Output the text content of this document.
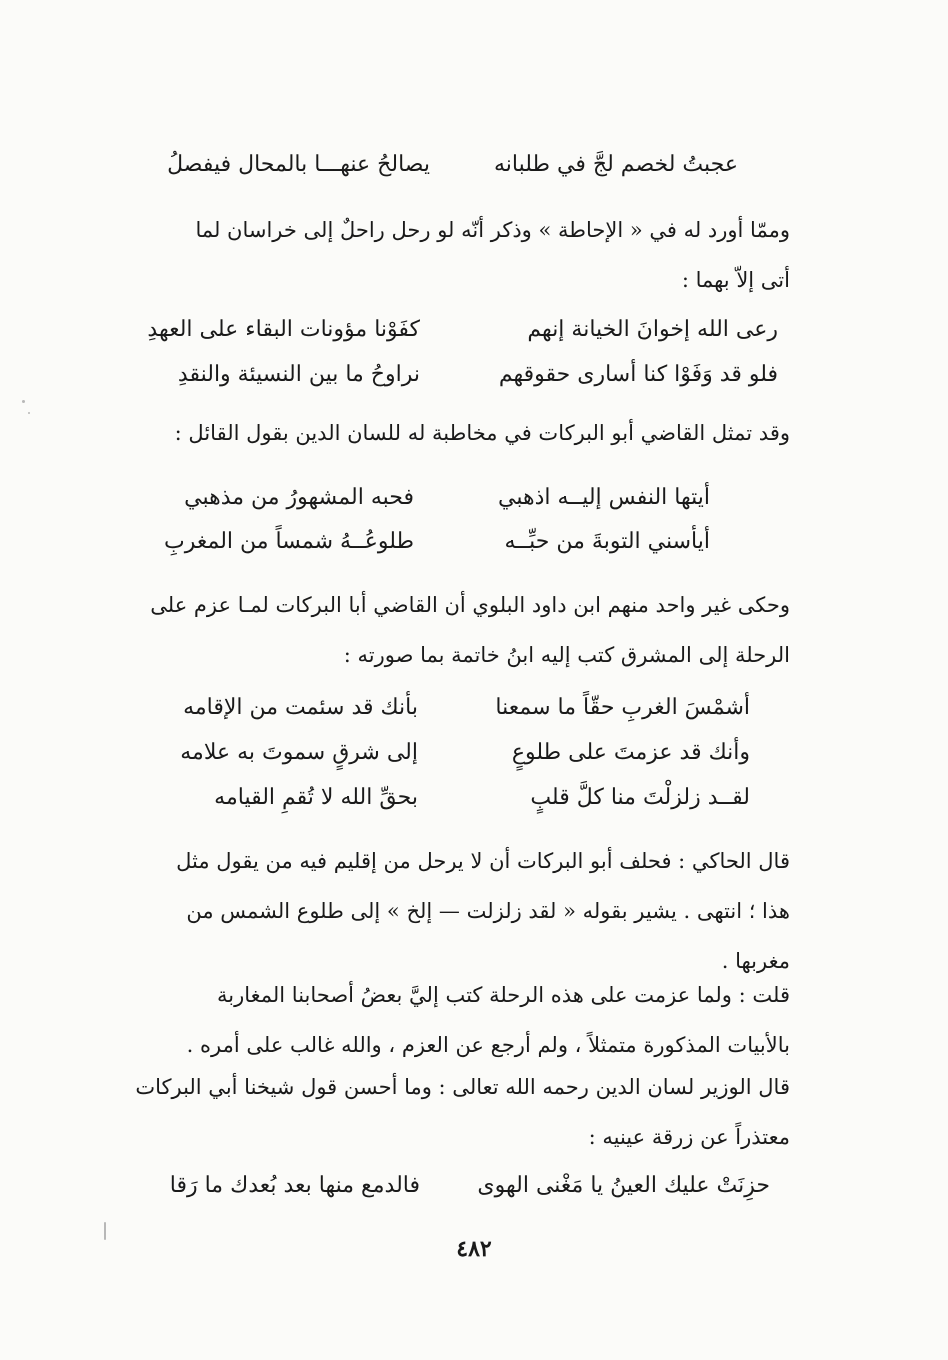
عجبتُ لخصم لجَّ في طلبانه
يصالحُ عنهـــا بالمحال فيفصلُ
وممّا أورد له في « الإحاطة » وذكر أنّه لو رحل راحلٌ إلى خراسان لما
أتى إلاّ بهما :
رعى الله إخوانَ الخيانة إنهم
كفَوْنا مؤونات البقاء على العهدِ
فلو قد وَفَوْا كنا أسارى حقوقهم
نراوحُ ما بين النسيئة والنقدِ
وقد تمثل القاضي أبو البركات في مخاطبة له للسان الدين بقول القائل :
أيتها النفس إليــه اذهبي
فحبه المشهورُ من مذهبي
أيأسني التوبةَ من حبِّــه
طلوعُــهُ شمساً من المغربِ
وحكى غير واحد منهم ابن داود البلوي أن القاضي أبا البركات لمـا عزم على
الرحلة إلى المشرق كتب إليه ابنُ خاتمة بما صورته :
أشمْسَ الغربِ حقّاً ما سمعنا
بأنك قد سئمت من الإقامه
وأنك قد عزمتَ على طلوعٍ
إلى شرقٍ سموتَ به علامه
لقــد زلزلْتَ منا كلَّ قلبٍ
بحقِّ الله لا تُقمِ القيامه
قال الحاكي : فحلف أبو البركات أن لا يرحل من إقليم فيه من يقول مثل
هذا ؛ انتهى . يشير بقوله « لقد زلزلت — إلخ » إلى طلوع الشمس من
مغربها .
قلت : ولما عزمت على هذه الرحلة كتب إليَّ بعضُ أصحابنا المغاربة
بالأبيات المذكورة متمثلاً ، ولم أرجع عن العزم ، والله غالب على أمره .
قال الوزير لسان الدين رحمه الله تعالى : وما أحسن قول شيخنا أبي البركات
معتذراً عن زرقة عينيه :
حزِنَتْ عليك العينُ يا مَغْنى الهوى
فالدمع منها بعد بُعدك ما رَقا
٤٨٢
